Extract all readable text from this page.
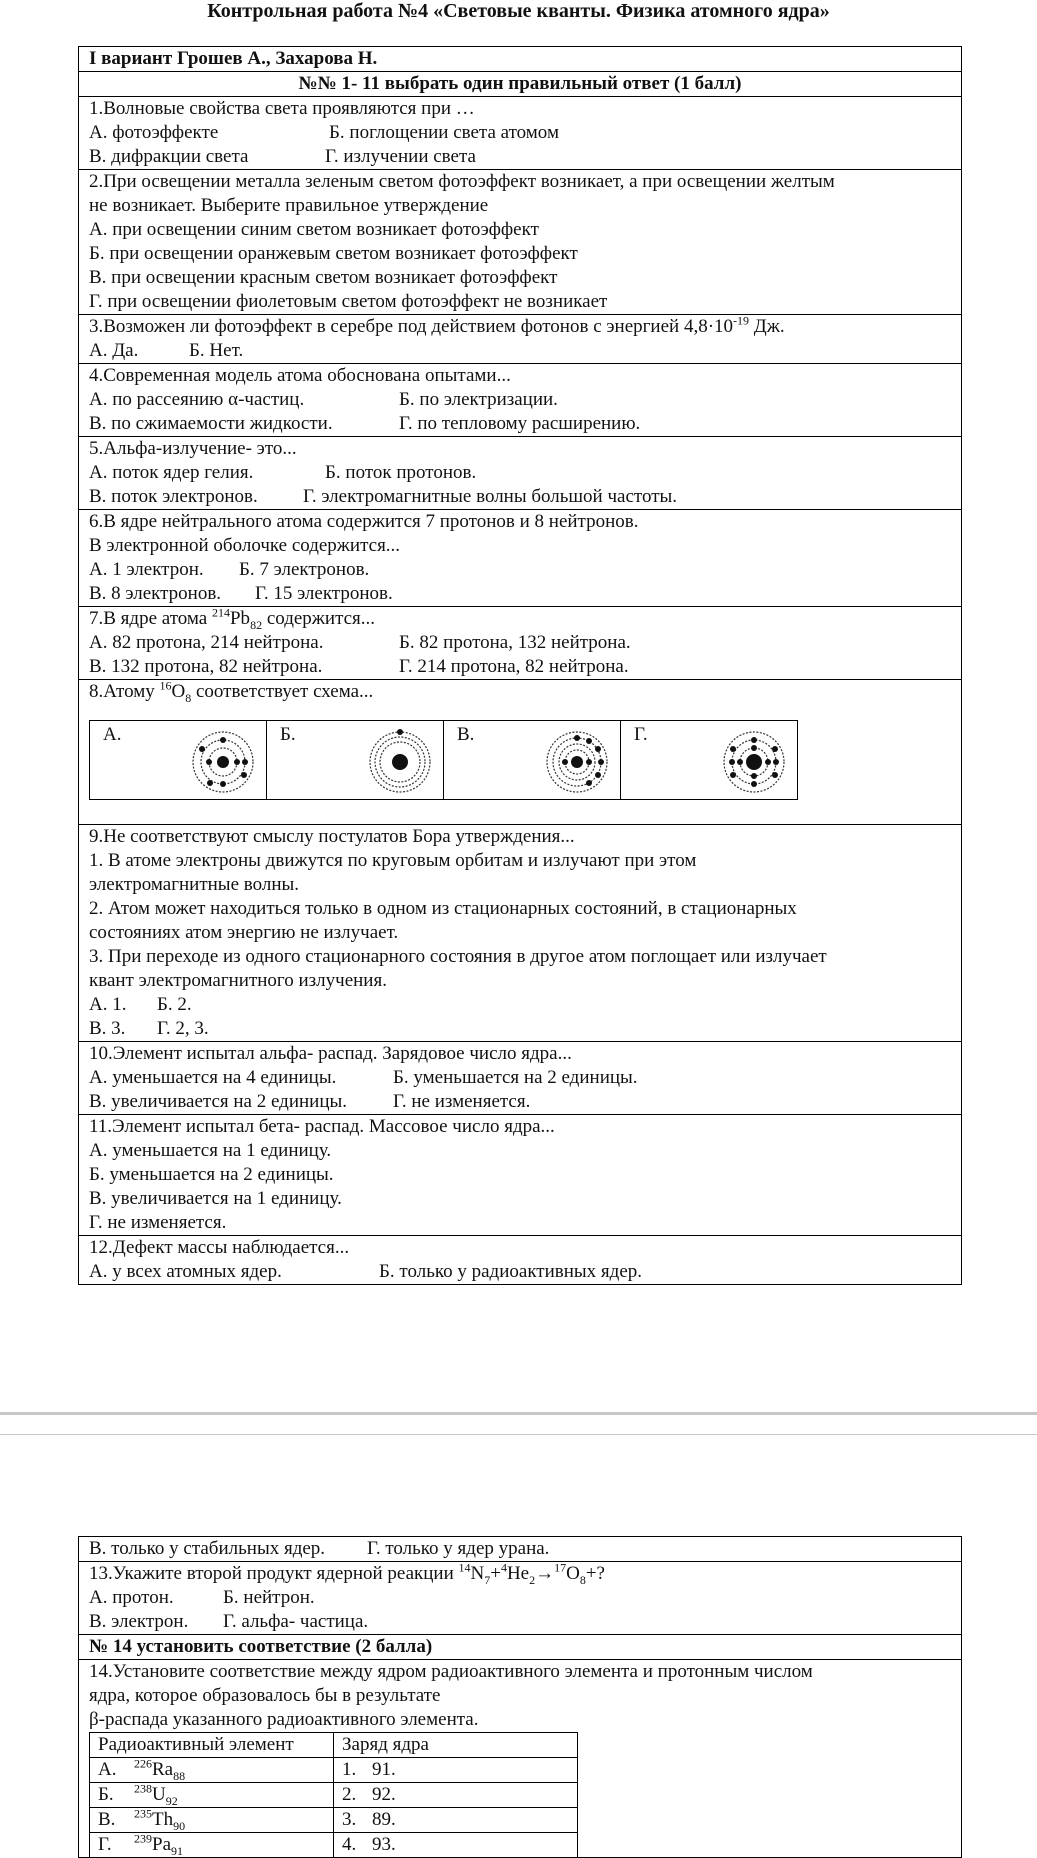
Контрольная работа №4 «Световые кванты. Физика атомного ядра»
I вариант Грошев А., Захарова Н.
№№ 1- 11 выбрать один правильный ответ (1 балл)

1.Волновые свойства света проявляются при …
А. фотоэффекте	Б. поглощении света атомом
В. дифракции света	Г. излучении света

2.При освещении металла зеленым светом фотоэффект возникает, а при освещении желтым
не возникает. Выберите правильное утверждение
А. при освещении синим светом возникает фотоэффект
Б. при освещении оранжевым светом возникает фотоэффект
В. при освещении красным светом возникает фотоэффект
Г. при освещении фиолетовым светом фотоэффект не возникает

3.Возможен ли фотоэффект в серебре под действием фотонов с энергией $4,8\cdot 10^{-19}$ Дж.
А. Да.	Б. Нет.

4.Современная модель атома обоснована опытами...
А. по рассеянию α-частиц.	Б. по электризации.
В. по сжимаемости жидкости.	Г. по тепловому расширению.

5.Альфа-излучение- это...
А. поток ядер гелия.	Б. поток протонов.
В. поток электронов. Г. электромагнитные волны большой частоты.

6.В ядре нейтрального атома содержится 7 протонов и 8 нейтронов.
В электронной оболочке содержится...
А. 1 электрон. Б. 7 электронов.
В. 8 электронов. Г. 15 электронов.

7.В ядре атома $^{214}Pb_{82}$ содержится...
А. 82 протона, 214 нейтрона.	Б. 82 протона, 132 нейтрона.
В. 132 протона, 82 нейтрона.	Г. 214 протона, 82 нейтрона.

8.Атому $^{16}O_8$ соответствует схема...
А.	Б.	В.	Г.

9.Не соответствуют смыслу постулатов Бора утверждения...
1. В атоме электроны движутся по круговым орбитам и излучают при этом
электромагнитные волны.
2. Атом может находиться только в одном из стационарных состояний, в стационарных
состояниях атом энергию не излучает.
3. При переходе из одного стационарного состояния в другое атом поглощает или излучает
квант электромагнитного излучения.
А. 1. Б. 2.
В. 3. Г. 2, 3.

10.Элемент испытал альфа- распад. Зарядовое число ядра...
А. уменьшается на 4 единицы.	Б. уменьшается на 2 единицы.
В. увеличивается на 2 единицы. Г. не изменяется.

11.Элемент испытал бета- распад. Массовое число ядра...
А. уменьшается на 1 единицу.
Б. уменьшается на 2 единицы.
В. увеличивается на 1 единицу.
Г. не изменяется.

12.Дефект массы наблюдается...
А. у всех атомных ядер.	Б. только у радиоактивных ядер.
В. только у стабильных ядер. Г. только у ядер урана.

13.Укажите второй продукт ядерной реакции $^{14}N_7+^4He_2\to^{17}O_8+$?
А. протон.	Б. нейтрон.
В. электрон. Г. альфа- частица.

№ 14 установить соответствие (2 балла)

14.Установите соответствие между ядром радиоактивного элемента и протонным числом
ядра, которое образовалось бы в результате
β-распада указанного радиоактивного элемента.
Радиоактивный элемент	Заряд ядра
А. $^{226}Ra_{88}$	1. 91.
Б. $^{238}U_{92}$	2. 92.
В. $^{235}Th_{90}$	3. 89.
Г. $^{239}Pa_{91}$	4. 93.
